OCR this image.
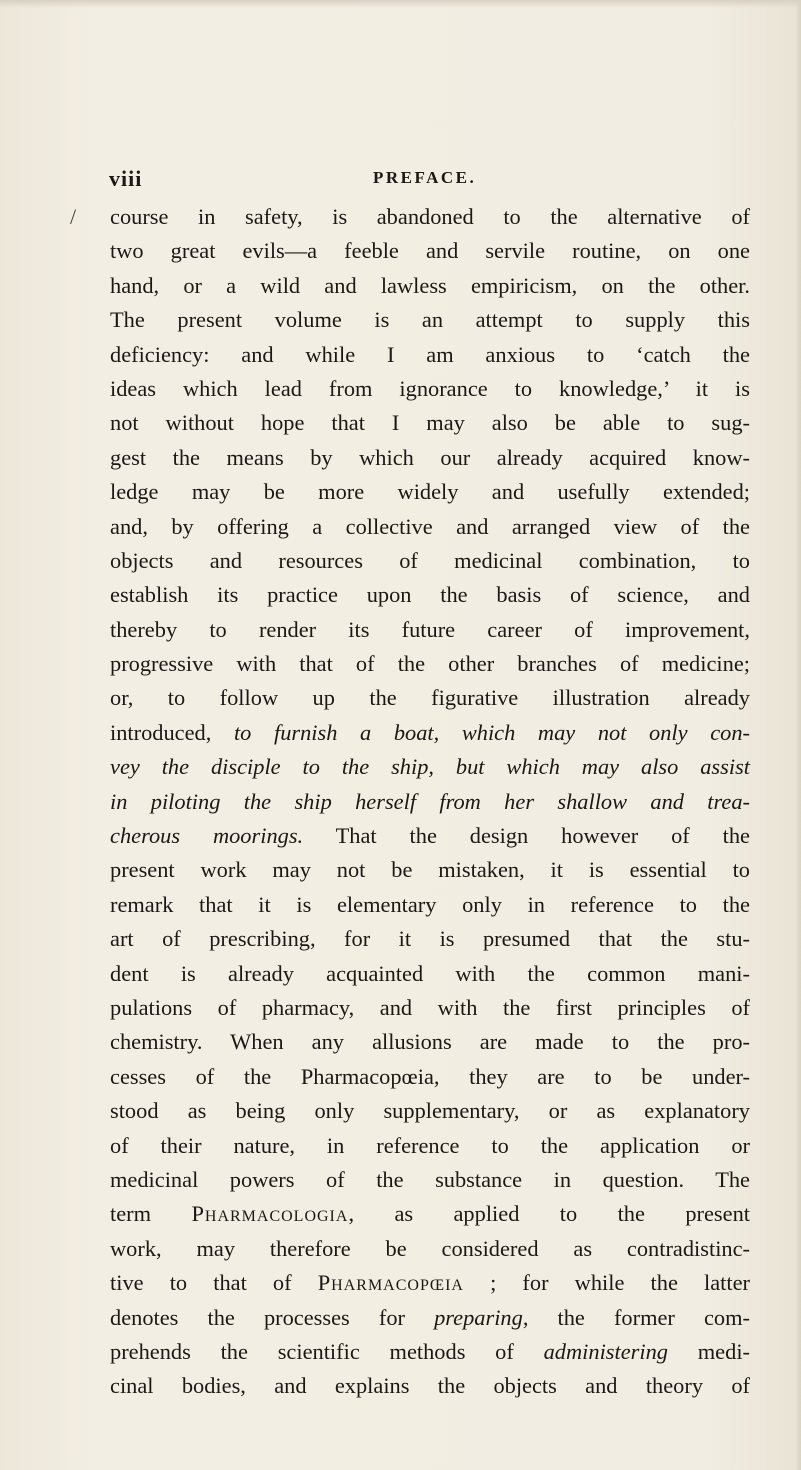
viii	PREFACE.

/ course in safety, is abandoned to the alternative of
two great evils—a feeble and servile routine, on one
hand, or a wild and lawless empiricism, on the other.
The present volume is an attempt to supply this
deficiency: and while I am anxious to ‘catch the
ideas which lead from ignorance to knowledge,’ it is
not without hope that I may also be able to sug-
gest the means by which our already acquired know-
ledge may be more widely and usefully extended;
and, by offering a collective and arranged view of the
objects and resources of medicinal combination, to
establish its practice upon the basis of science, and
thereby to render its future career of improvement,
progressive with that of the other branches of medicine;
or, to follow up the figurative illustration already
introduced, to furnish a boat, which may not only con-
vey the disciple to the ship, but which may also assist
in piloting the ship herself from her shallow and trea-
cherous moorings. That the design however of the
present work may not be mistaken, it is essential to
remark that it is elementary only in reference to the
art of prescribing, for it is presumed that the stu-
dent is already acquainted with the common mani-
pulations of pharmacy, and with the first principles of
chemistry. When any allusions are made to the pro-
cesses of the Pharmacopœia, they are to be under-
stood as being only supplementary, or as explanatory
of their nature, in reference to the application or
medicinal powers of the substance in question. The
term Pharmacologia, as applied to the present
work, may therefore be considered as contradistinc-
tive to that of Pharmacopœia ; for while the latter
denotes the processes for preparing, the former com-
prehends the scientific methods of administering medi-
cinal bodies, and explains the objects and theory of
